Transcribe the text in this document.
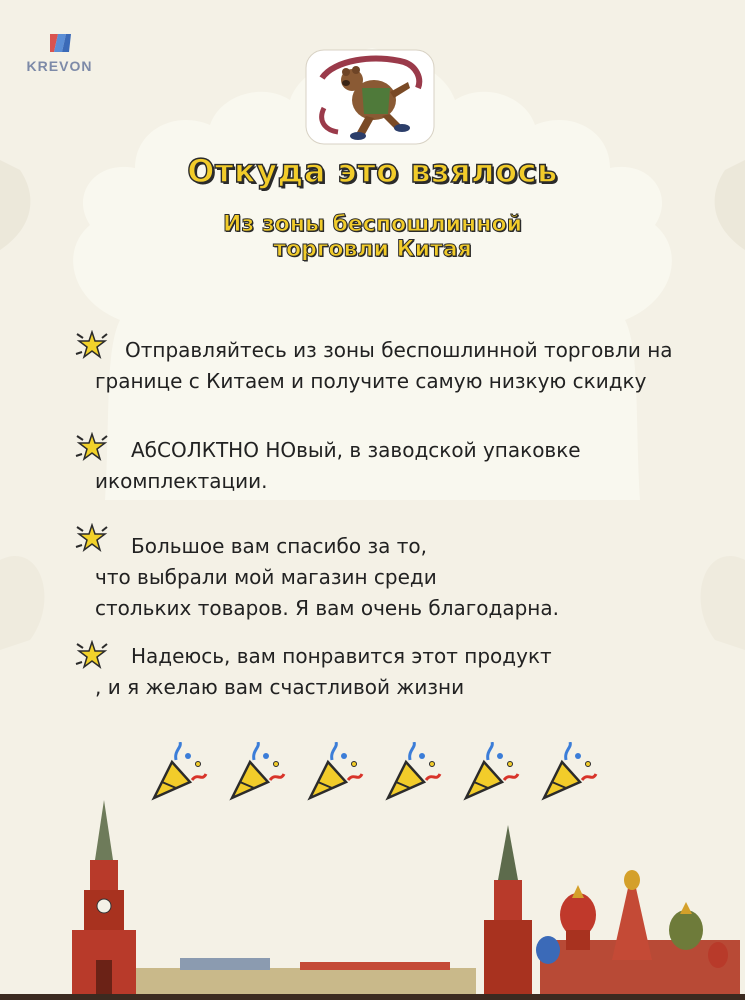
KREVON
Откуда это взялось
Из зоны беспошлинной
торговли Китая
Отправляйтесь из зоны беспошлинной торговли на
границе с Китаем и получите самую низкую скидку
АбСОЛКТНО НОвый, в заводской упаковке
икомплектации.
Большое вам спасибо за то,
что выбрали мой магазин среди
стольких товаров. Я вам очень благодарна.
Надеюсь, вам понравится этот продукт
, и я желаю вам счастливой жизни
